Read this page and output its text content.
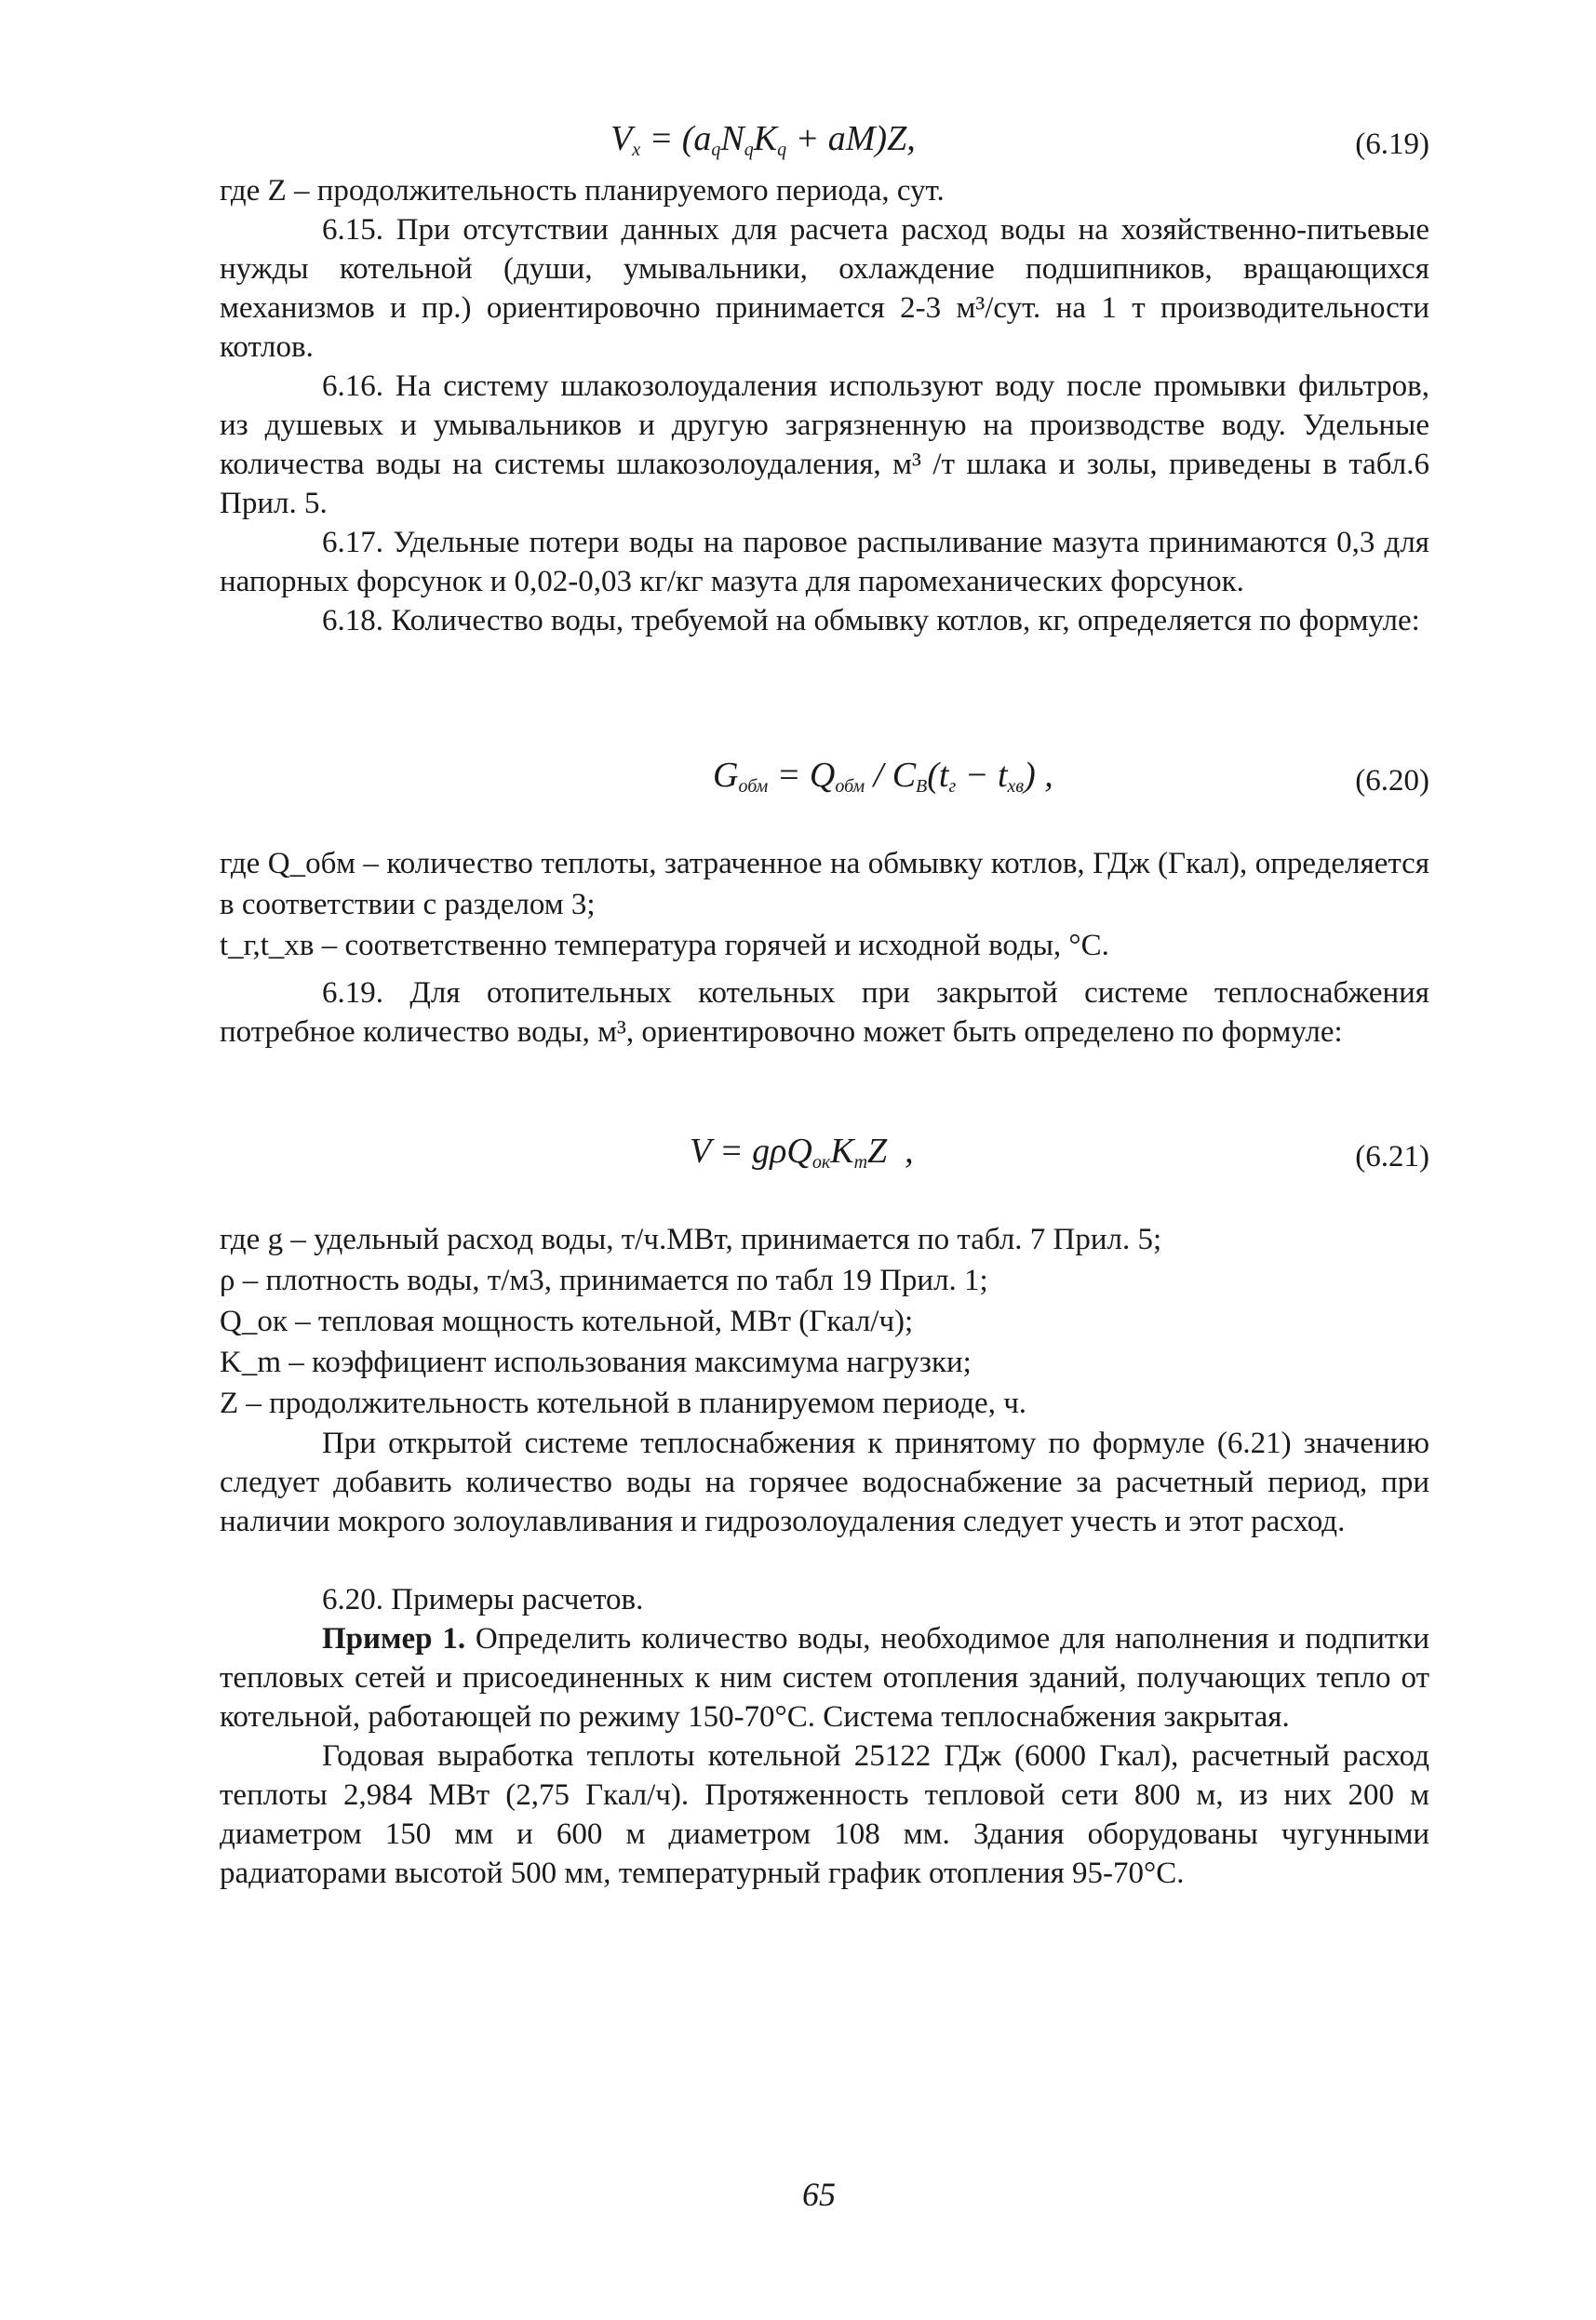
$V_x = (a_qN_qK_q + aM)Z$,	(6.19)

где Z – продолжительность планируемого периода, сут.

6.15. При отсутствии данных для расчета расход воды на хозяйственно-питьевые нужды котельной (души, умывальники, охлаждение подшипников, вращающихся механизмов и пр.) ориентировочно принимается 2-3 м³/сут. на 1 т производительности котлов.

6.16. На систему шлакозолоудаления используют воду после промывки фильтров, из душевых и умывальников и другую загрязненную на производстве воду. Удельные количества воды на системы шлакозолоудаления, м³ /т шлака и золы, приведены в табл.6 Прил. 5.

6.17. Удельные потери воды на паровое распыливание мазута принимаются 0,3 для напорных форсунок и 0,02-0,03 кг/кг мазута для паромеханических форсунок.

6.18. Количество воды, требуемой на обмывку котлов, кг, определяется по формуле:

$G_{обм} = Q_{обм} / C_B(t_г - t_{хв})$ ,	(6.20)

где Q_обм – количество теплоты, затраченное на обмывку котлов, ГДж (Гкал), определяется в соответствии с разделом 3;

t_г,t_хв – соответственно температура горячей и исходной воды, °С.

6.19. Для отопительных котельных при закрытой системе теплоснабжения потребное количество воды, м³, ориентировочно может быть определено по формуле:

$V = g\rho Q_{ок}K_mZ$  ,	(6.21)

где g – удельный расход воды, т/ч.МВт, принимается по табл. 7 Прил. 5;

ρ – плотность воды, т/м3, принимается по табл 19 Прил. 1;

Q_ок – тепловая мощность котельной, МВт (Гкал/ч);

K_m – коэффициент использования максимума нагрузки;

Z – продолжительность котельной в планируемом периоде, ч.

При открытой системе теплоснабжения к принятому по формуле (6.21) значению следует добавить количество воды на горячее водоснабжение за расчетный период, при наличии мокрого золоулавливания и гидрозолоудаления следует учесть и этот расход.

6.20. Примеры расчетов.

Пример 1. Определить количество воды, необходимое для наполнения и подпитки тепловых сетей и присоединенных к ним систем отопления зданий, получающих тепло от котельной, работающей по режиму 150-70°С. Система теплоснабжения закрытая.

Годовая выработка теплоты котельной 25122 ГДж (6000 Гкал), расчетный расход теплоты 2,984 МВт (2,75 Гкал/ч). Протяженность тепловой сети 800 м, из них 200 м диаметром 150 мм и 600 м диаметром 108 мм. Здания оборудованы чугунными радиаторами высотой 500 мм, температурный график отопления 95-70°С.

65
